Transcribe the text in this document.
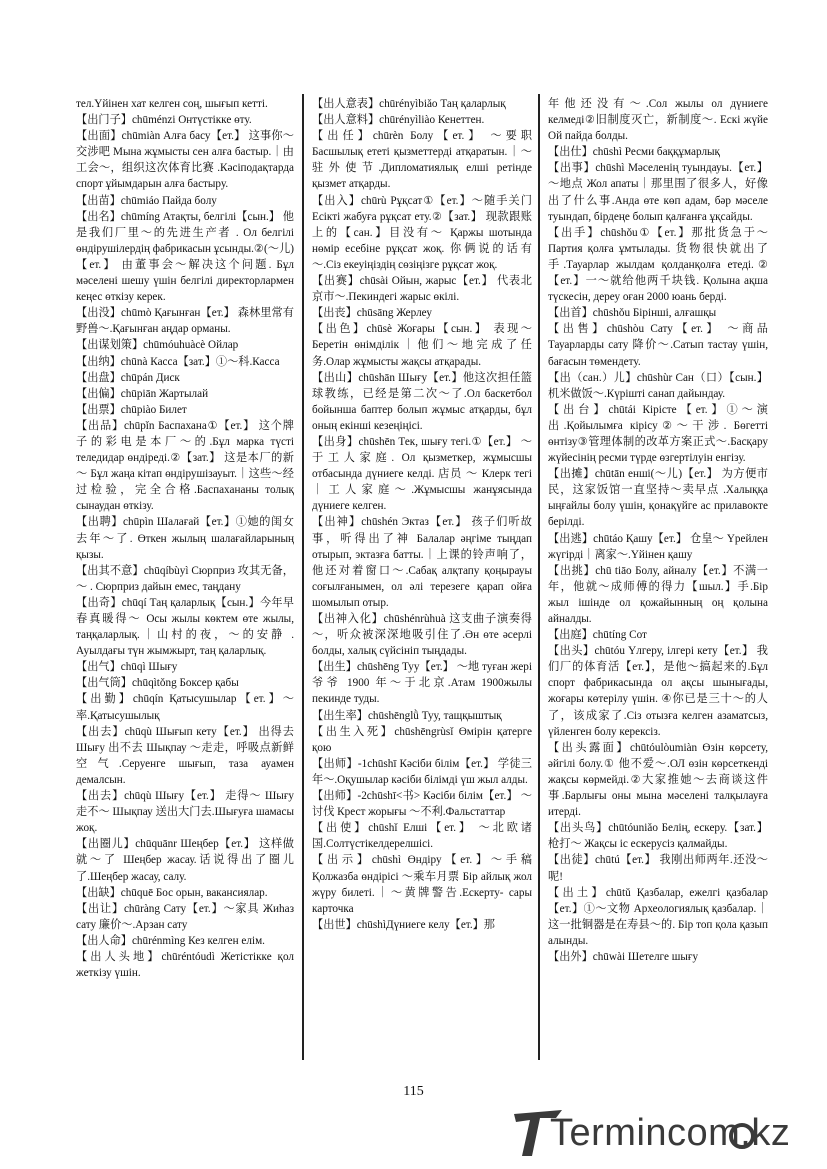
тел.Үйінен хат келген соң, шығып кетті.
【出门子】chūménzi Онтүстікке өту.
【出面】chūmiàn Алға басу【ет.】 这事你～交涉吧 Мына жұмысты сен алға бастыр.｜由工会～，组织这次体育比赛 .Кәсіподақтарда спорт ұйымдарын алға бастыру.
【出苗】chūmiáo Пайда болу
【出名】chūmíng Атақты, белгілі【сын.】 他是我们厂里～的先进生产者 . Ол белгілі өндірушілердің фабрикасын ұсынды.②(～儿)【ет.】 由董事会～解决这个问题. Бұл мәселені шешу үшін белгілі директорлармен кеңес өткізу керек.
【出没】chūmò Қағынған【ет.】 森林里常有野兽～.Қағынған аңдар орманы.
【出谋划策】chūmóuhuàcè Ойлар
【出纳】chūnà Касса【зат.】①～科.Касса
【出盘】chūpán Диск
【出偏】chūpiān Жартылай
【出票】chūpiào Билет
【出品】chūpǐn Баспахана①【ет.】 这个牌子的彩电是本厂～的.Бұл марка түсті теледидар өндіреді.②【зат.】 这是本厂的新～ Бұл жаңа кітап өндірушізауыт.｜这些～经过检验，完全合格.Баспахананы толық сынаудан өткізу.
【出聘】chūpìn Шалағай【ет.】①她的闺女去年～了. Өткен жылың шалағайларының қызы.
【出其不意】chūqíbùyì Сюрприз 攻其无备，～ . Сюрприз дайын емес, таңдану
【出奇】chūqí Таң қаларлық【сын.】今年早春真暖得～ Осы жылы көктем өте жылы, таңқаларлық.｜山村的夜，～的安静 . Ауылдағы түн жымжырт, таң қаларлық.
【出气】chūqì Шығу
【出气筒】chūqìtǒng Боксер қабы
【出勤】chūqín Қатысушылар【ет.】～率.Қатысушылық
【出去】chūqù Шығып кету【ет.】 出得去 Шығу 出不去 Шықпау ～走走，呼吸点新鲜空气.Серуенге шығып, таза ауамен демалсын.
【出去】chūqù Шығу【ет.】 走得～ Шығу 走不～ Шықпау 送出大门去.Шығуға шамасы жоқ.
【出圈儿】chūquānr Шеңбер【ет.】 这样做就～了 Шеңбер жасау.话说得出了圈儿了.Шеңбер жасау, салу.
【出缺】chūquē Бос орын, вакансиялар.
【出让】chūràng Сату【ет.】～家具 Жиһаз сату 廉价～.Арзан сату
【出人命】chūrénmìng Кез келген елім.
【出人头地】chūréntóudì Жетістікке қол жеткізу үшін.
【出人意表】chūrényìbiǎo Таң қаларлық
【出人意料】chūrényìliào Кенеттен.
【出任】chūrèn Болу【ет.】 ～要职 Басшылық ететі қызметтерді атқаратын.｜～驻外使节.Дипломатиялық елші ретінде қызмет атқарды.
【出入】chūrù Рұқсат①【ет.】～随手关门 Есікті жабуға рұқсат ету.②【зат.】 现款跟账上的【сан.】目没有～ Қаржы шотында нөмір есебіне рұқсат жоқ. 你俩说的话有～.Сіз екеуіңіздің сөзіңізге рұқсат жоқ.
【出赛】chūsài Ойын, жарыс【ет.】 代表北京市～.Пекиндегі жарыс өкілі.
【出丧】chūsāng Жерлеу
【出色】chūsè Жоғары【сын.】 表现～ Беретін өнімділік｜他们～地完成了任务.Олар жұмысты жақсы атқарады.
【出山】chūshān Шығу【ет.】他这次担任篮球教练，已经是第二次～了.Ол баскетбол бойынша баптер болып жұмыс атқарды, бұл оның екінші кезеңіңісі.
【出身】chūshēn Тек, шығу тегі.①【ет.】 ～于工人家庭. Ол қызметкер, жұмысшы отбасында дүниеге келді. 店员 ～ Клерк тегі｜工人家庭～.Жұмысшы жанұясында дүниеге келген.
【出神】chūshén Эктаз【ет.】 孩子们听故事，听得出了神 Балалар әңгіме тыңдап отырып, эктазға батты.｜上课的铃声响了，他还对着窗口～.Сабақ алқтапу қоңырауы соғылғанымен, ол әлі терезеге қарап ойға шомылып отыр.
【出神入化】chūshénrùhuà 这支曲子演奏得～，听众被深深地吸引住了.Ән өте әсерлі болды, халық сүйсініп тыңдады.
【出生】chūshēng Туу【ет.】 ～地 туған жері 爷爷 1900 年～于北京.Атам 1900жылы пекинде туды.
【出生率】chūshēnglǜ Туу, тащқыштық
【出生入死】chūshēngrùsǐ Өмірін қатерге қою
【出师】-1chūshī Кәсіби білім【ет.】 学徒三年～.Оқушылар кәсіби білімді үш жыл алды.
【出师】-2chūshī<书> Кәсіби білім【ет.】 ～讨伐 Крест жорығы ～不利.Фальстаттар
【出使】chūshǐ Елші【ет.】 ～北欧诸国.Солтүстікелдерелшісі.
【出示】chūshì Өндіру【ет.】～手稿 Қолжазба өндірісі ～乘车月票 Бір айлық жол жүру билеті.｜～黄牌警告.Ескерту- сары карточка
【出世】chūshìДүниеге келу【ет.】那
年他还没有～.Сол жылы ол дүниеге келмеді②旧制度灭亡，新制度～. Ескі жүйе Ой пайда болды.
【出仕】chūshì Ресми баққұмарлық
【出事】chūshì Мәселенің туындауы.【ет.】～地点 Жол апаты｜那里围了很多人，好像出了什么事.Анда өте көп адам, бәр мәселе туындап, бірдеңе болып қалғанға ұқсайды.
【出手】chūshǒu①【ет.】那批货急于～ Партия қолға ұмтылады. 货物很快就出了手.Тауарлар жылдам қолданқолға етеді.②【ет.】一～就给他两千块钱. Қолына ақша түскесін, дереу оған 2000 юань берді.
【出首】chūshǒu Бірінші, алғашқы
【出售】chūshòu Сату【ет.】 ～商品 Тауарларды сату 降价～.Сатып тастау үшін, бағасын төмендету.
【出（сан.）儿】chūshùr Сан（口）【сын.】 机米做饭～.Күрішті санап дайындау.
【出台】chūtái Кірісте【ет.】①～演出.Қойылымға кірісу②～干涉. Бөгетті өнтізу③管理体制的改革方案正式～.Басқару жүйесінің ресми түрде өзгертілуін енгізу.
【出摊】chūtān еншi(～儿)【ет.】 为方便市民，这家饭馆一直坚持～卖早点 .Халыққа ыңғайлы болу үшін, қонақүйге ас прилавокте берілді.
【出逃】chūtáo Қашу【ет.】 仓皇～ Үрейлен жүгірді｜离家～.Үйінен қашу
【出挑】chū tiāo Болу, айналу【ет.】不满一年，他就～成师傅的得力【шыл.】手.Бір жыл ішінде ол қожайынның оң қолына айналды.
【出庭】chūtíng Сот
【出头】chūtóu Үлгеру, ілгері кету【ет.】 我们厂的体育活【ет.】，是他～搞起来的.Бұл спорт фабрикасында ол ақсы шынығады, жоғары көтерілу үшін. ④你已是三十～的人了，该成家了.Сіз отызға келген азаматсыз, үйленген болу керексіз.
【出头露面】chūtóulòumiàn Өзін көрсету, әйгілі болу.① 他不爱～.ОЛ өзін көрсеткенді жақсы көрмейді.②大家推她～去商谈这件事.Барлығы оны мына мәселені талқылауға итерді.
【出头鸟】chūtóuniǎo Белің, ескеру.【зат.】 枪打～ Жақсы іс ескерусіз қалмайды.
【出徒】chūtú【ет.】 我刚出师两年.还没～呢!
【出土】chūtǔ Қазбалар, ежелгі қазбалар【ет.】①～文物 Археологиялық қазбалар.｜这一批铜器是在寿县～的. Бір топ қола қазып алынды.
【出外】chūwài Шетелге шығу
115
Termincom.kz
